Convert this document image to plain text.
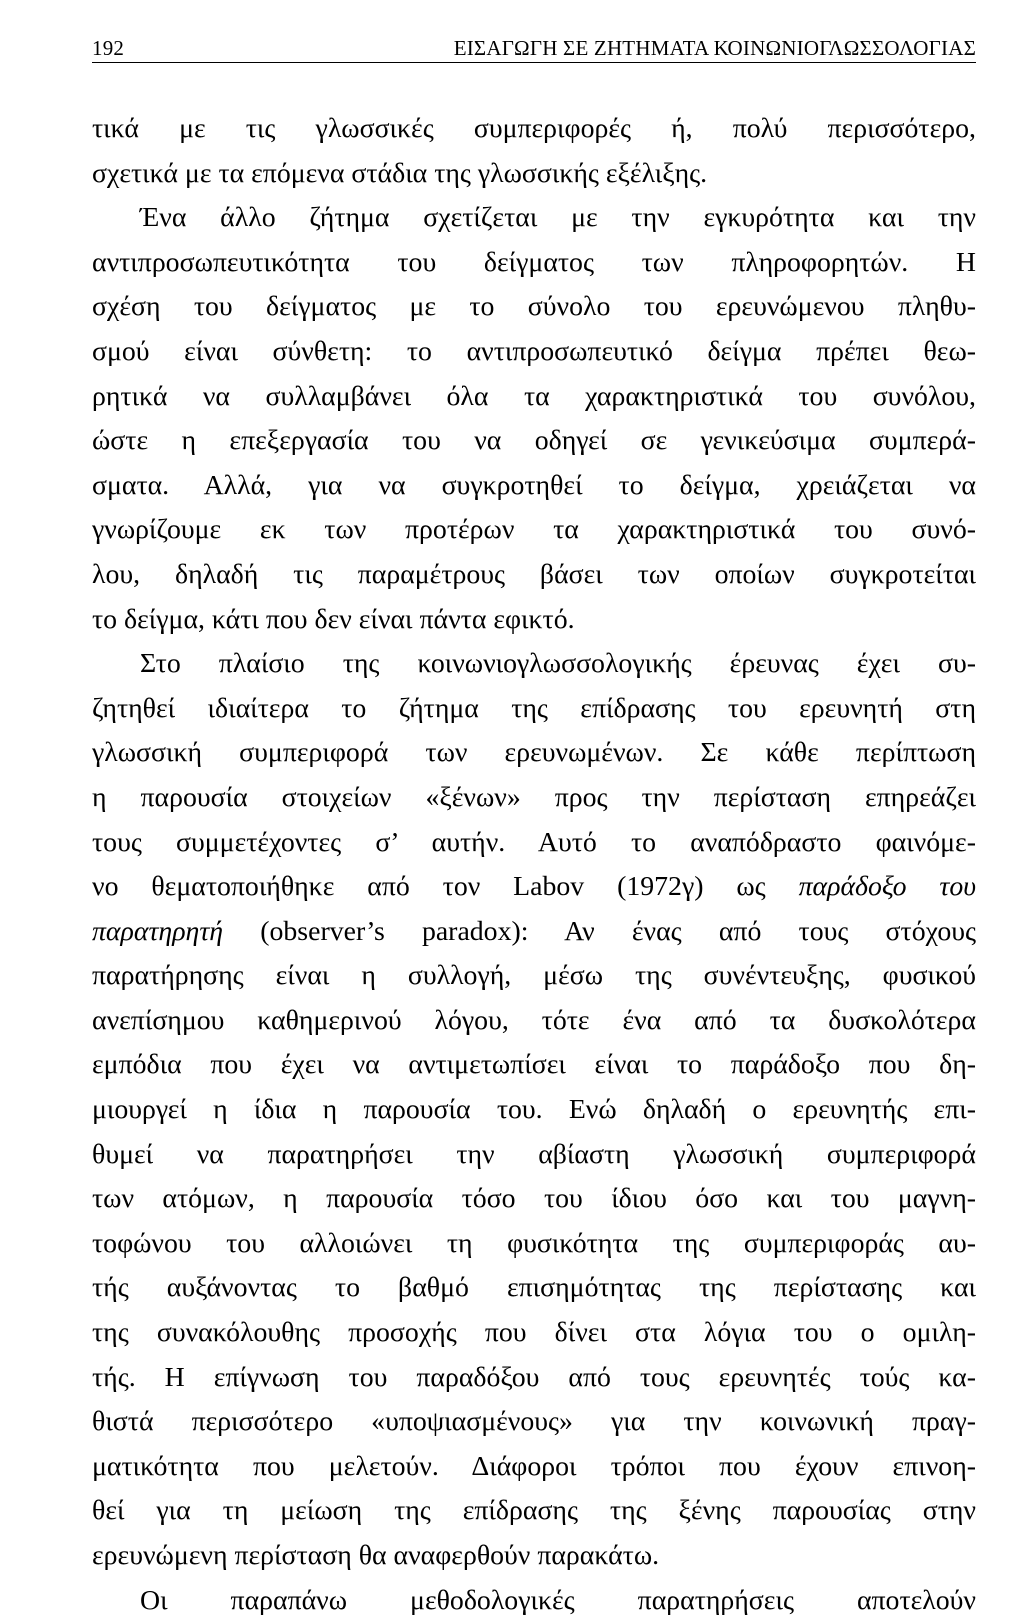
192	ΕΙΣΑΓΩΓΗ ΣΕ ΖΗΤΗΜΑΤΑ ΚΟΙΝΩΝΙΟΓΛΩΣΣΟΛΟΓΙΑΣ
τικά με τις γλωσσικές συμπεριφορές ή, πολύ περισσότερο,
σχετικά με τα επόμενα στάδια της γλωσσικής εξέλιξης.
Ένα άλλο ζήτημα σχετίζεται με την εγκυρότητα και την
αντιπροσωπευτικότητα του δείγματος των πληροφορητών. Η
σχέση του δείγματος με το σύνολο του ερευνώμενου πληθυ-
σμού είναι σύνθετη: το αντιπροσωπευτικό δείγμα πρέπει θεω-
ρητικά να συλλαμβάνει όλα τα χαρακτηριστικά του συνόλου,
ώστε η επεξεργασία του να οδηγεί σε γενικεύσιμα συμπερά-
σματα. Αλλά, για να συγκροτηθεί το δείγμα, χρειάζεται να
γνωρίζουμε εκ των προτέρων τα χαρακτηριστικά του συνό-
λου, δηλαδή τις παραμέτρους βάσει των οποίων συγκροτείται
το δείγμα, κάτι που δεν είναι πάντα εφικτό.
Στο πλαίσιο της κοινωνιογλωσσολογικής έρευνας έχει συ-
ζητηθεί ιδιαίτερα το ζήτημα της επίδρασης του ερευνητή στη
γλωσσική συμπεριφορά των ερευνωμένων. Σε κάθε περίπτωση
η παρουσία στοιχείων «ξένων» προς την περίσταση επηρεάζει
τους συμμετέχοντες σ’ αυτήν. Αυτό το αναπόδραστο φαινόμε-
νο θεματοποιήθηκε από τον Labov (1972γ) ως παράδοξο του
παρατηρητή (observer’s paradox): Αν ένας από τους στόχους
παρατήρησης είναι η συλλογή, μέσω της συνέντευξης, φυσικού
ανεπίσημου καθημερινού λόγου, τότε ένα από τα δυσκολότερα
εμπόδια που έχει να αντιμετωπίσει είναι το παράδοξο που δη-
μιουργεί η ίδια η παρουσία του. Ενώ δηλαδή ο ερευνητής επι-
θυμεί να παρατηρήσει την αβίαστη γλωσσική συμπεριφορά
των ατόμων, η παρουσία τόσο του ίδιου όσο και του μαγνη-
τοφώνου του αλλοιώνει τη φυσικότητα της συμπεριφοράς αυ-
τής αυξάνοντας το βαθμό επισημότητας της περίστασης και
της συνακόλουθης προσοχής που δίνει στα λόγια του ο ομιλη-
τής. Η επίγνωση του παραδόξου από τους ερευνητές τούς κα-
θιστά περισσότερο «υποψιασμένους» για την κοινωνική πραγ-
ματικότητα που μελετούν. Διάφοροι τρόποι που έχουν επινοη-
θεί για τη μείωση της επίδρασης της ξένης παρουσίας στην
ερευνώμενη περίσταση θα αναφερθούν παρακάτω.
Οι παραπάνω μεθοδολογικές παρατηρήσεις αποτελούν
